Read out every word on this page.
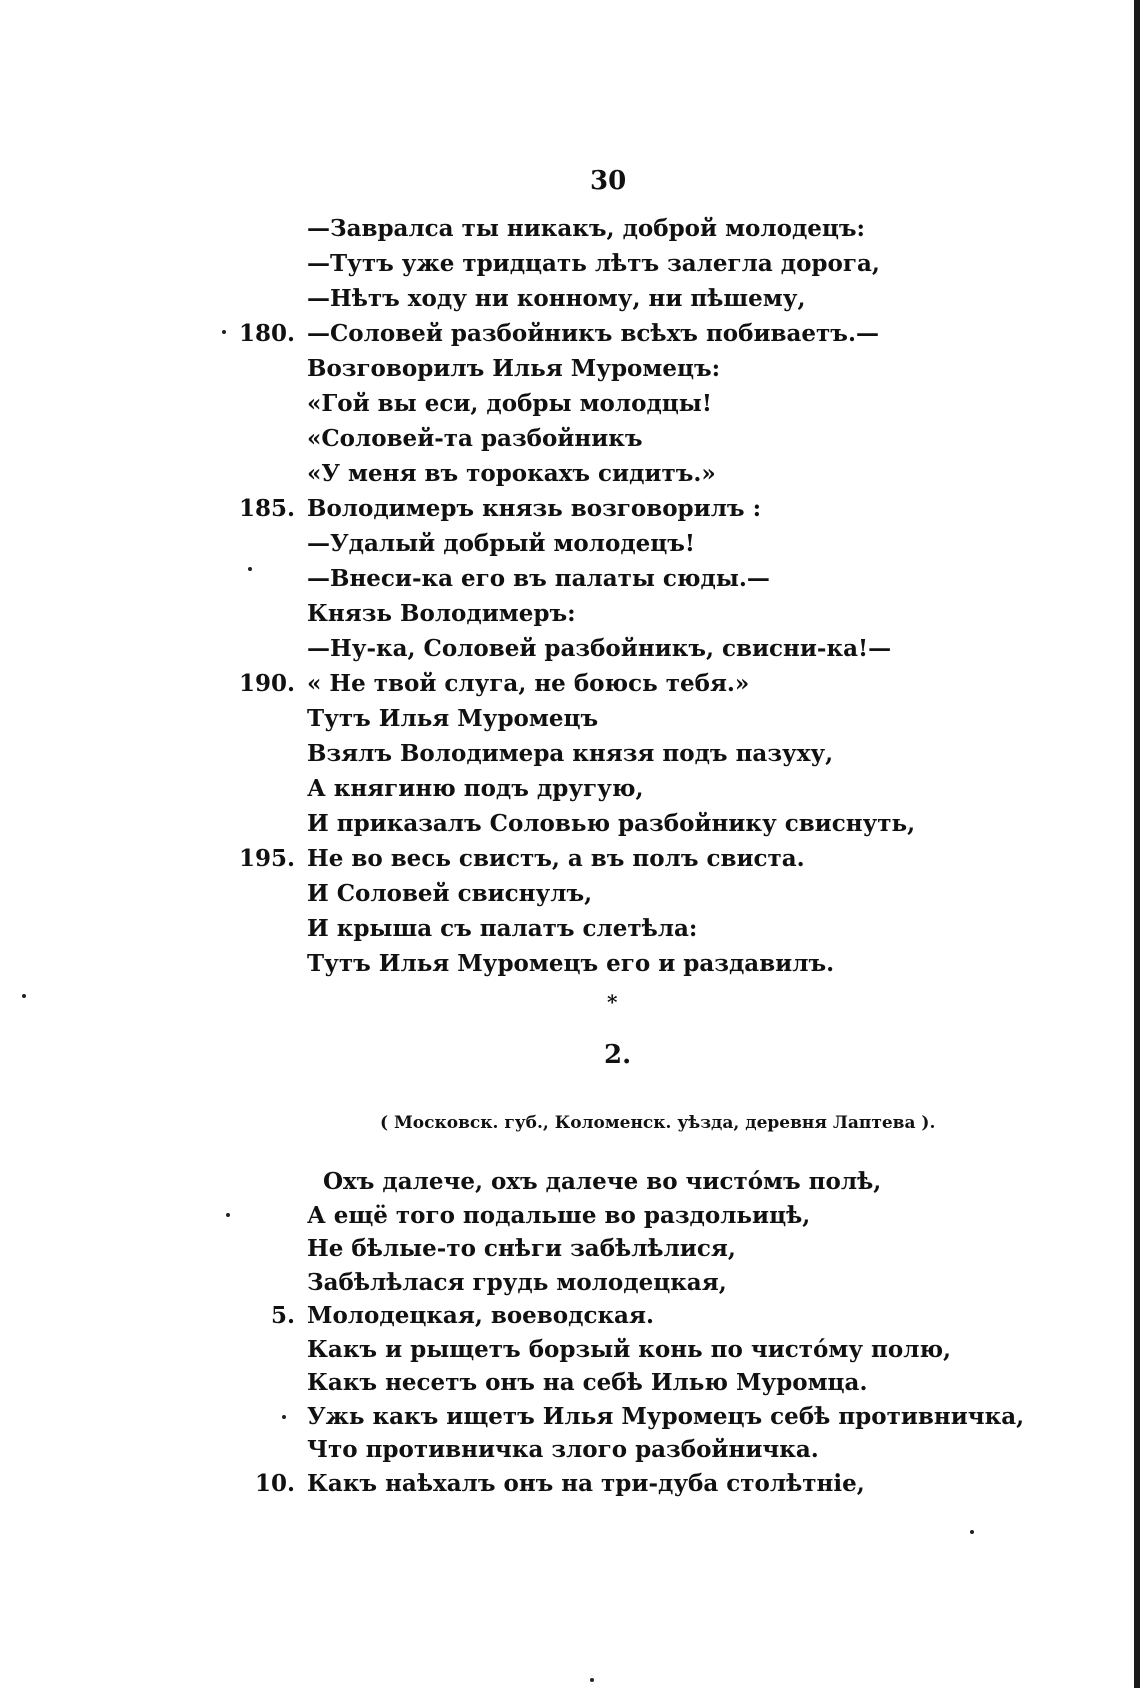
30
—Завралса ты никакъ, доброй молодецъ:
—Тутъ уже тридцать лѣтъ залегла дорога,
—Нѣтъ ходу ни конному, ни пѣшему,
180. —Соловей разбойникъ всѣхъ побиваетъ.—
Возговорилъ Илья Муромецъ:
«Гой вы еси, добры молодцы!
«Соловей-та разбойникъ
«У меня въ торокахъ сидитъ.»
185. Володимеръ князь возговорилъ :
—Удалый добрый молодецъ!
—Внеси-ка его въ палаты сюды.—
Князь Володимеръ:
—Ну-ка, Соловей разбойникъ, свисни-ка!—
190. « Не твой слуга, не боюсь тебя.»
Тутъ Илья Муромецъ
Взялъ Володимера князя подъ пазуху,
А княгиню подъ другую,
И приказалъ Соловью разбойнику свиснуть,
195. Не во весь свистъ, а въ полъ свиста.
И Соловей свиснулъ,
И крыша съ палатъ слетѣла:
Тутъ Илья Муромецъ его и раздавилъ.
*
2.
( Московск. губ., Коломенск. уѣзда, деревня Лаптева ).
Охъ далече, охъ далече во чистóмъ полѣ,
А ещё того подальше во раздольицѣ,
Не бѣлые-то снѣги забѣлѣлися,
Забѣлѣлася грудь молодецкая,
5. Молодецкая, воеводская.
Какъ и рыщетъ борзый конь по чистóму полю,
Какъ несетъ онъ на себѣ Илью Муромца.
Ужь какъ ищетъ Илья Муромецъ себѣ противничка,
Что противничка злого разбойничка.
10. Какъ наѣхалъ онъ на три-дуба столѣтніе,
